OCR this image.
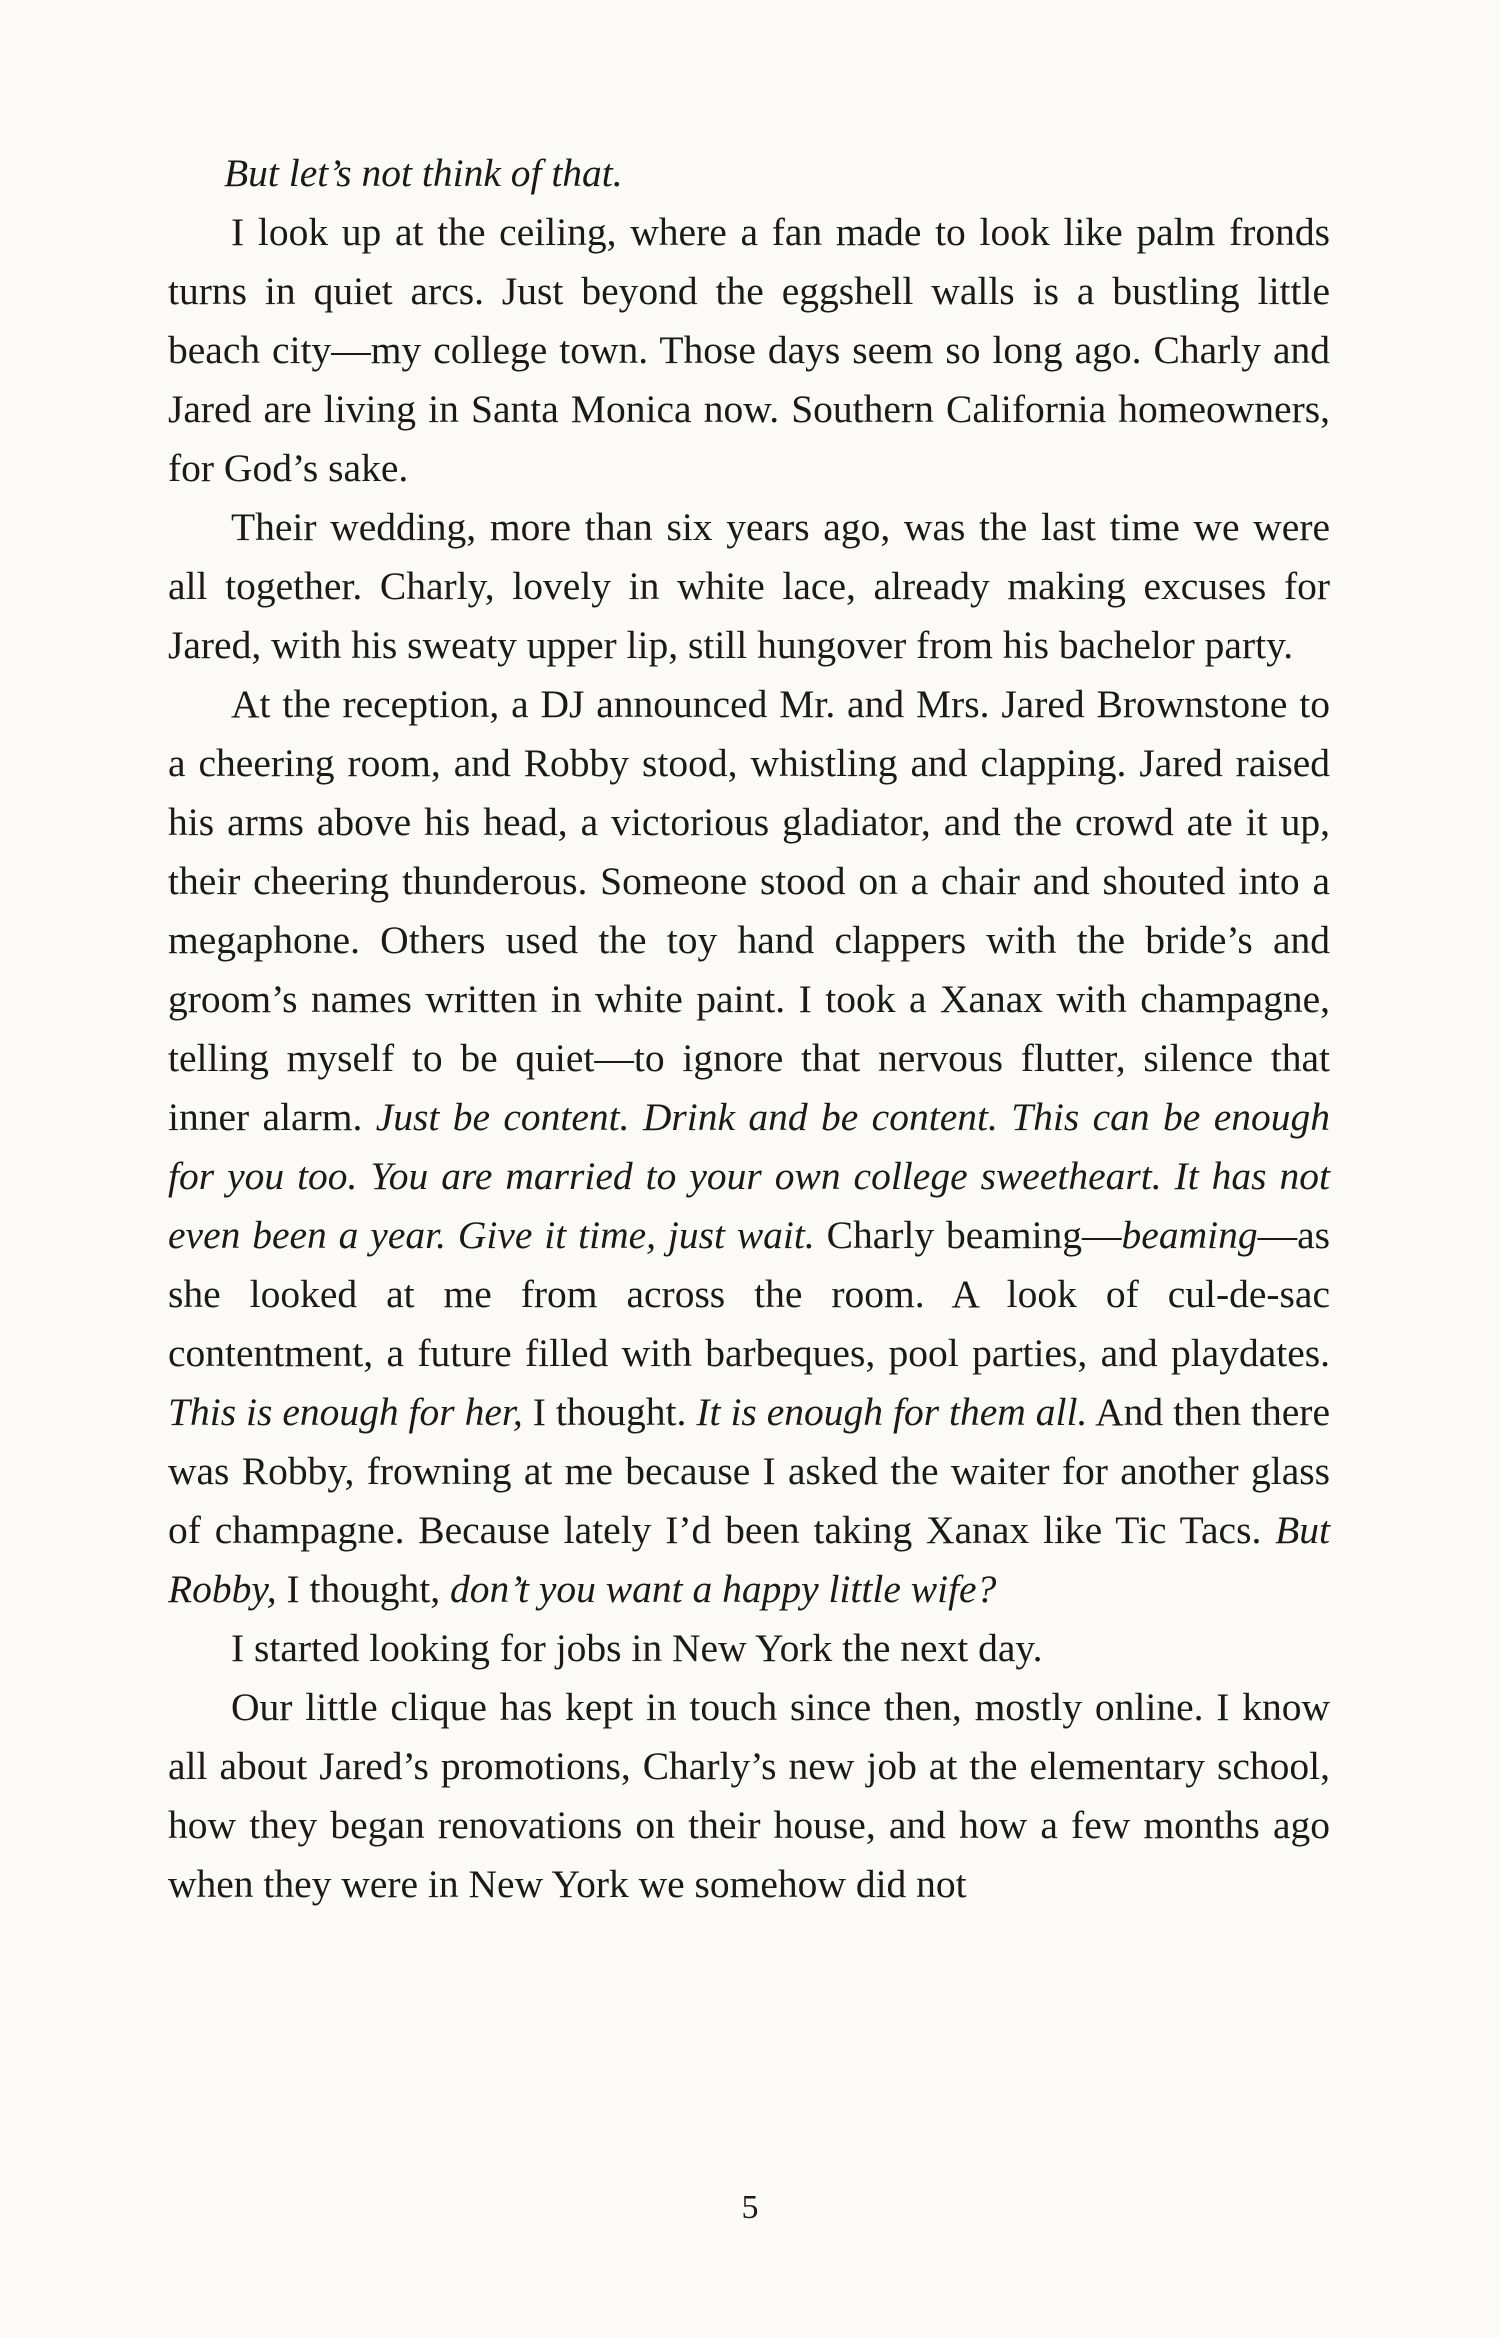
But let’s not think of that.

I look up at the ceiling, where a fan made to look like palm fronds turns in quiet arcs. Just beyond the eggshell walls is a bustling little beach city—my college town. Those days seem so long ago. Charly and Jared are living in Santa Monica now. Southern California homeowners, for God’s sake.

Their wedding, more than six years ago, was the last time we were all together. Charly, lovely in white lace, already making excuses for Jared, with his sweaty upper lip, still hungover from his bachelor party.

At the reception, a DJ announced Mr. and Mrs. Jared Brownstone to a cheering room, and Robby stood, whistling and clapping. Jared raised his arms above his head, a victorious gladiator, and the crowd ate it up, their cheering thunderous. Someone stood on a chair and shouted into a megaphone. Others used the toy hand clappers with the bride’s and groom’s names written in white paint. I took a Xanax with champagne, telling myself to be quiet—to ignore that nervous flutter, silence that inner alarm. Just be content. Drink and be content. This can be enough for you too. You are married to your own college sweetheart. It has not even been a year. Give it time, just wait. Charly beaming—beaming—as she looked at me from across the room. A look of cul-de-sac contentment, a future filled with barbeques, pool parties, and playdates. This is enough for her, I thought. It is enough for them all. And then there was Robby, frowning at me because I asked the waiter for another glass of champagne. Because lately I’d been taking Xanax like Tic Tacs. But Robby, I thought, don’t you want a happy little wife?

I started looking for jobs in New York the next day.

Our little clique has kept in touch since then, mostly online. I know all about Jared’s promotions, Charly’s new job at the elementary school, how they began renovations on their house, and how a few months ago when they were in New York we somehow did not

5
